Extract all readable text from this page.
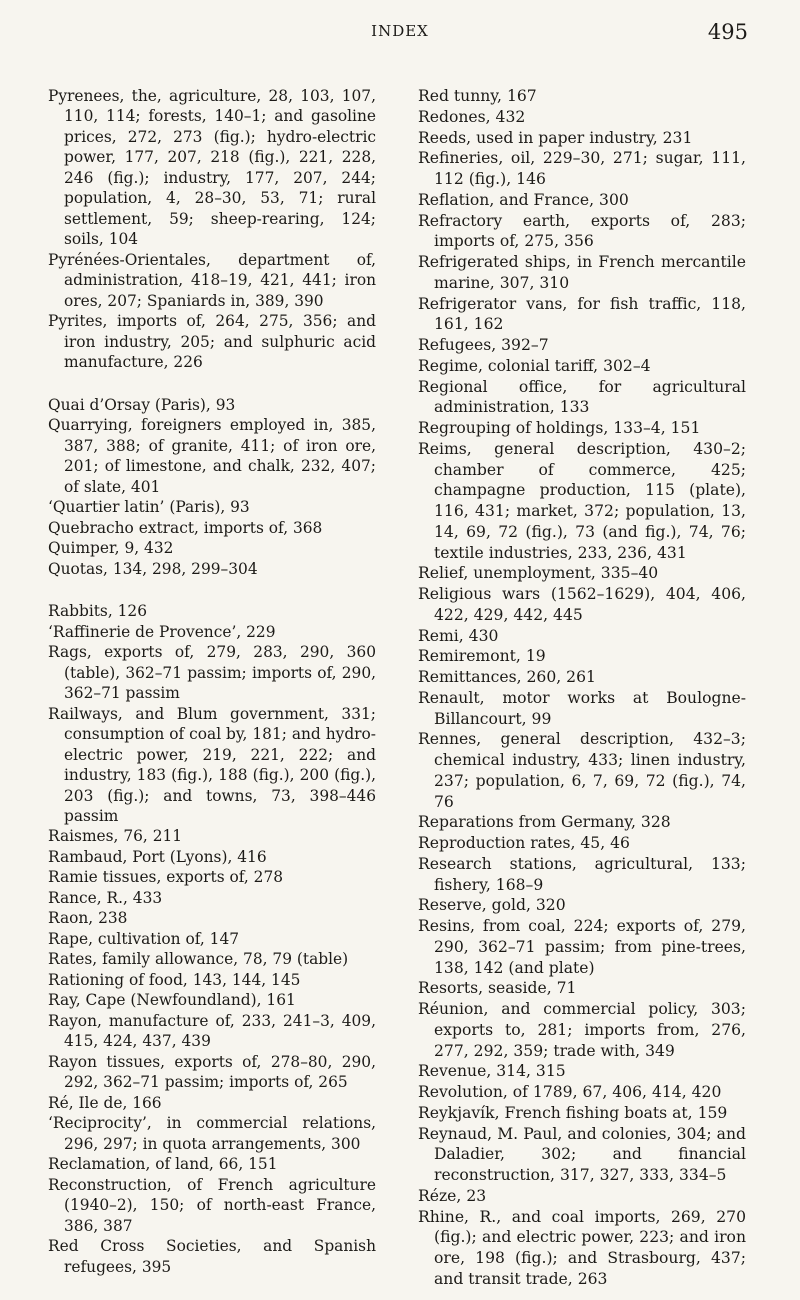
INDEX	495

Pyrenees, the, agriculture, 28, 103, 107, 110, 114; forests, 140–1; and gasoline prices, 272, 273 (fig.); hydro-electric power, 177, 207, 218 (fig.), 221, 228, 246 (fig.); industry, 177, 207, 244; population, 4, 28–30, 53, 71; rural settlement, 59; sheep-rearing, 124; soils, 104

Pyrénées-Orientales, department of, administration, 418–19, 421, 441; iron ores, 207; Spaniards in, 389, 390

Pyrites, imports of, 264, 275, 356; and iron industry, 205; and sulphuric acid manufacture, 226

Quai d’Orsay (Paris), 93

Quarrying, foreigners employed in, 385, 387, 388; of granite, 411; of iron ore, 201; of limestone, and chalk, 232, 407; of slate, 401

‘Quartier latin’ (Paris), 93

Quebracho extract, imports of, 368

Quimper, 9, 432

Quotas, 134, 298, 299–304

Rabbits, 126

‘Raffinerie de Provence’, 229

Rags, exports of, 279, 283, 290, 360 (table), 362–71 passim; imports of, 290, 362–71 passim

Railways, and Blum government, 331; consumption of coal by, 181; and hydro-electric power, 219, 221, 222; and industry, 183 (fig.), 188 (fig.), 200 (fig.), 203 (fig.); and towns, 73, 398–446 passim

Raismes, 76, 211

Rambaud, Port (Lyons), 416

Ramie tissues, exports of, 278

Rance, R., 433

Raon, 238

Rape, cultivation of, 147

Rates, family allowance, 78, 79 (table)

Rationing of food, 143, 144, 145

Ray, Cape (Newfoundland), 161

Rayon, manufacture of, 233, 241–3, 409, 415, 424, 437, 439

Rayon tissues, exports of, 278–80, 290, 292, 362–71 passim; imports of, 265

Ré, Ile de, 166

‘Reciprocity’, in commercial relations, 296, 297; in quota arrangements, 300

Reclamation, of land, 66, 151

Reconstruction, of French agriculture (1940–2), 150; of north-east France, 386, 387

Red Cross Societies, and Spanish refugees, 395

Red tunny, 167

Redones, 432

Reeds, used in paper industry, 231

Refineries, oil, 229–30, 271; sugar, 111, 112 (fig.), 146

Reflation, and France, 300

Refractory earth, exports of, 283; imports of, 275, 356

Refrigerated ships, in French mercantile marine, 307, 310

Refrigerator vans, for fish traffic, 118, 161, 162

Refugees, 392–7

Regime, colonial tariff, 302–4

Regional office, for agricultural administration, 133

Regrouping of holdings, 133–4, 151

Reims, general description, 430–2; chamber of commerce, 425; champagne production, 115 (plate), 116, 431; market, 372; population, 13, 14, 69, 72 (fig.), 73 (and fig.), 74, 76; textile industries, 233, 236, 431

Relief, unemployment, 335–40

Religious wars (1562–1629), 404, 406, 422, 429, 442, 445

Remi, 430

Remiremont, 19

Remittances, 260, 261

Renault, motor works at Boulogne-Billancourt, 99

Rennes, general description, 432–3; chemical industry, 433; linen industry, 237; population, 6, 7, 69, 72 (fig.), 74, 76

Reparations from Germany, 328

Reproduction rates, 45, 46

Research stations, agricultural, 133; fishery, 168–9

Reserve, gold, 320

Resins, from coal, 224; exports of, 279, 290, 362–71 passim; from pine-trees, 138, 142 (and plate)

Resorts, seaside, 71

Réunion, and commercial policy, 303; exports to, 281; imports from, 276, 277, 292, 359; trade with, 349

Revenue, 314, 315

Revolution, of 1789, 67, 406, 414, 420

Reykjavík, French fishing boats at, 159

Reynaud, M. Paul, and colonies, 304; and Daladier, 302; and financial reconstruction, 317, 327, 333, 334–5

Réze, 23

Rhine, R., and coal imports, 269, 270 (fig.); and electric power, 223; and iron ore, 198 (fig.); and Strasbourg, 437; and transit trade, 263
